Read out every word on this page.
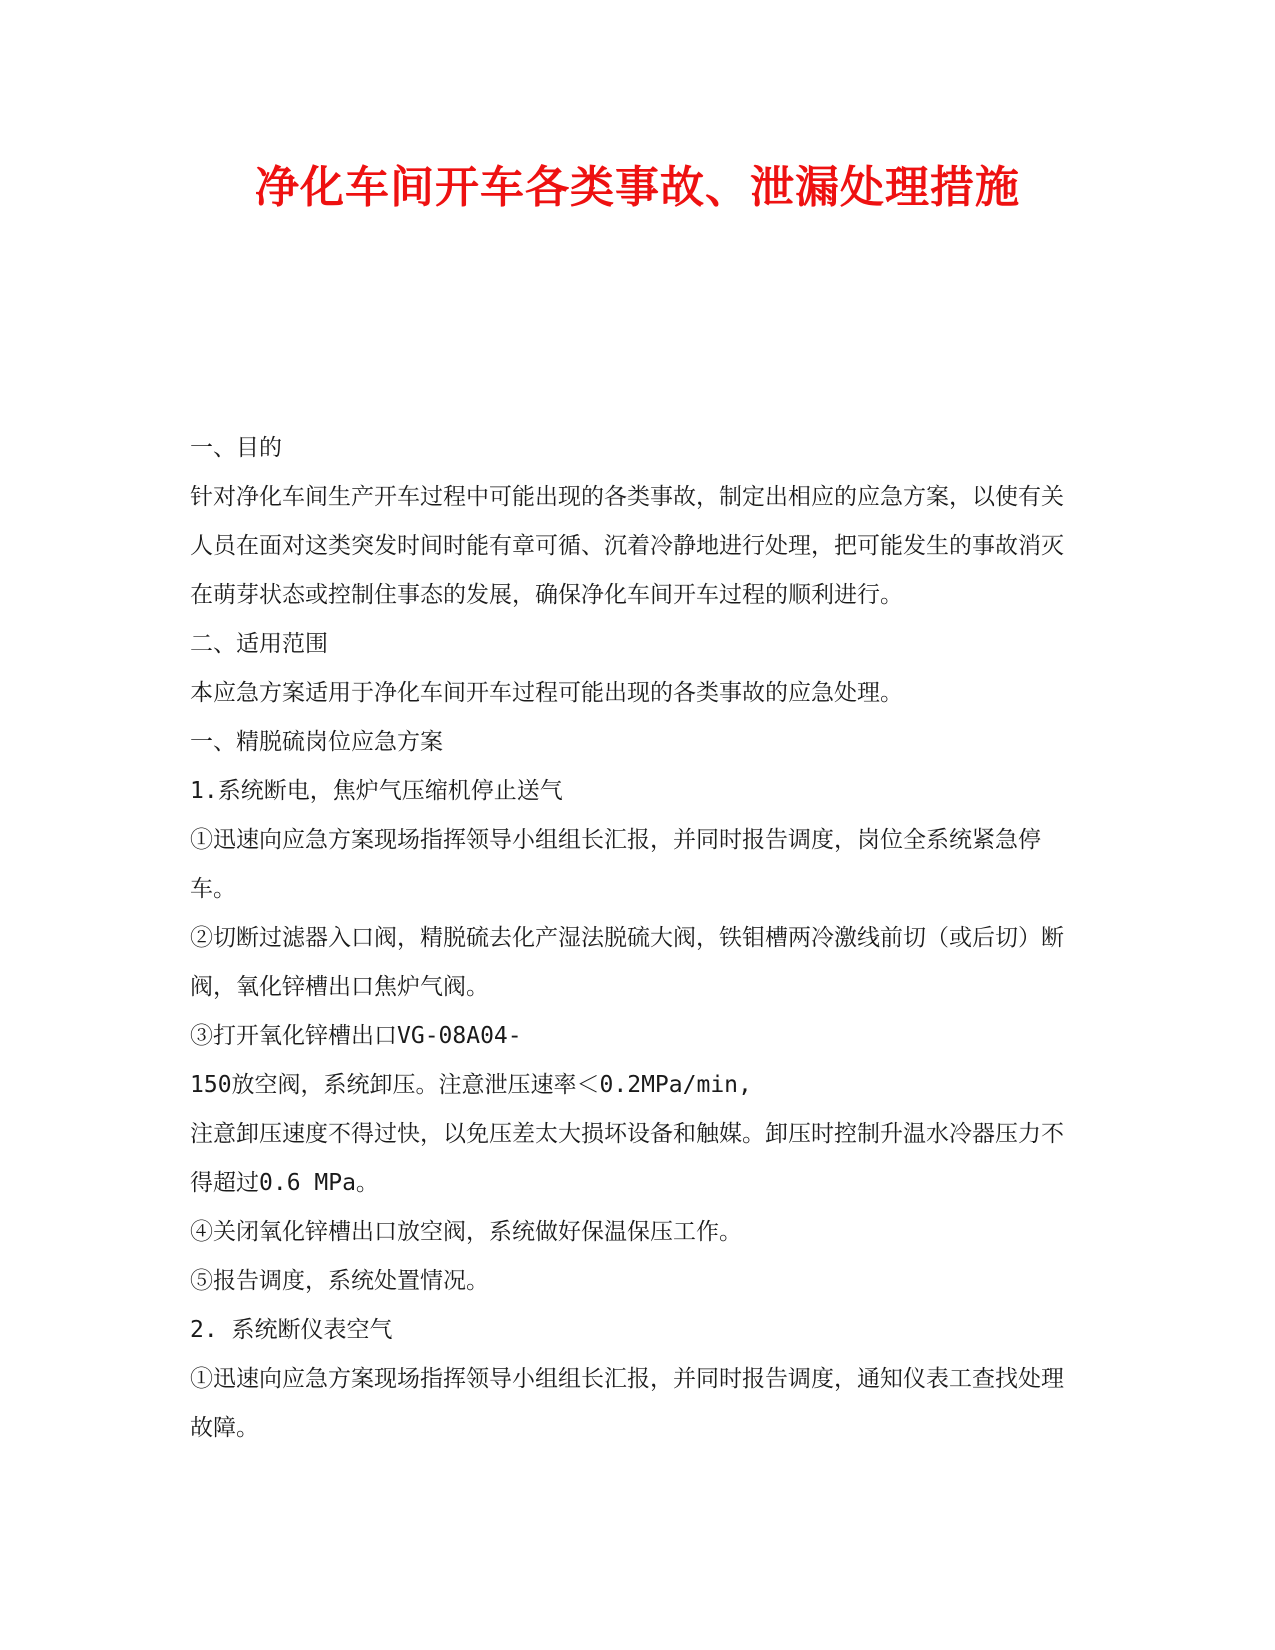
净化车间开车各类事故、泄漏处理措施

一、目的

针对净化车间生产开车过程中可能出现的各类事故，制定出相应的应急方案，以使有关人员在面对这类突发时间时能有章可循、沉着冷静地进行处理，把可能发生的事故消灭在萌芽状态或控制住事态的发展，确保净化车间开车过程的顺利进行。

二、适用范围

本应急方案适用于净化车间开车过程可能出现的各类事故的应急处理。

一、精脱硫岗位应急方案

1.系统断电，焦炉气压缩机停止送气

①迅速向应急方案现场指挥领导小组组长汇报，并同时报告调度，岗位全系统紧急停车。

②切断过滤器入口阀，精脱硫去化产湿法脱硫大阀，铁钼槽两冷激线前切（或后切）断阀，氧化锌槽出口焦炉气阀。

③打开氧化锌槽出口VG-08A04-

150放空阀，系统卸压。注意泄压速率＜0.2MPa/min,

注意卸压速度不得过快，以免压差太大损坏设备和触媒。卸压时控制升温水冷器压力不得超过0.6 MPa。

④关闭氧化锌槽出口放空阀，系统做好保温保压工作。

⑤报告调度，系统处置情况。

2. 系统断仪表空气

①迅速向应急方案现场指挥领导小组组长汇报，并同时报告调度，通知仪表工查找处理故障。
